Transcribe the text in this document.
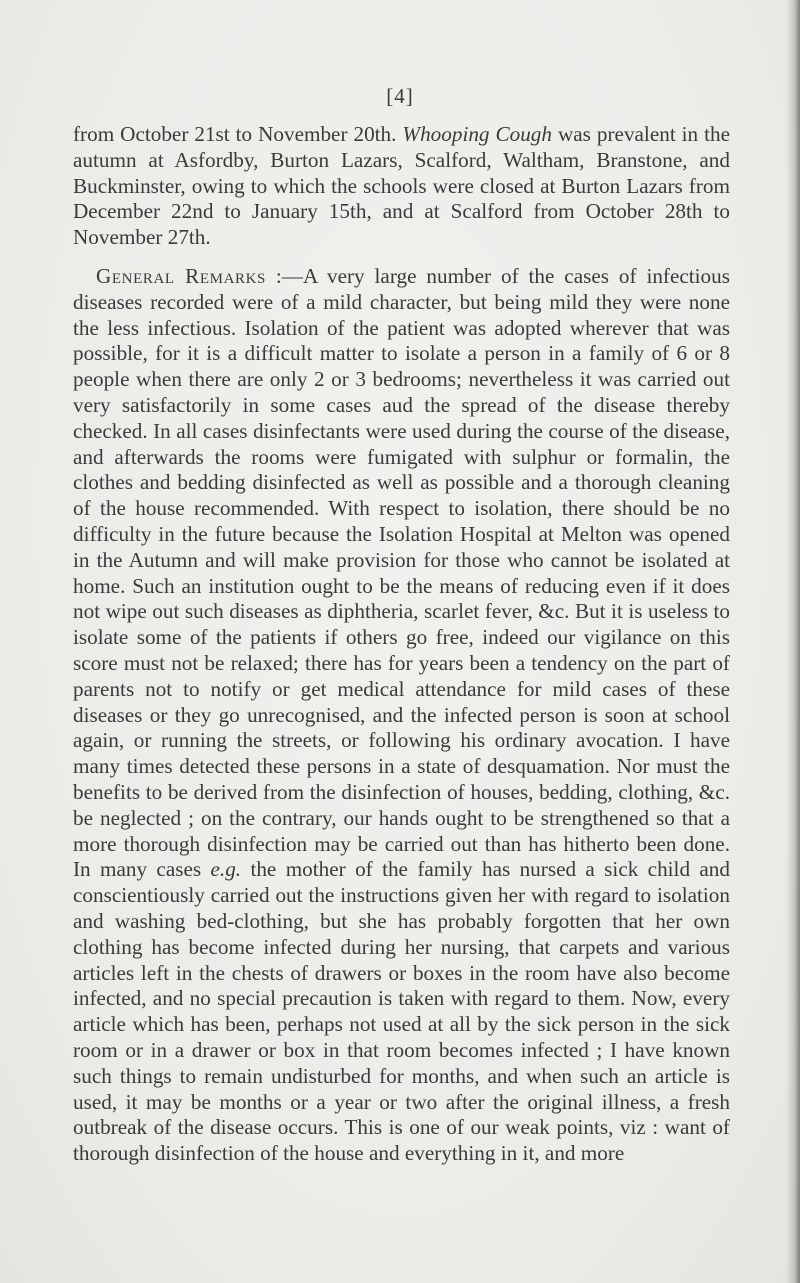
[4]

from October 21st to November 20th. Whooping Cough was prevalent in the autumn at Asfordby, Burton Lazars, Scalford, Waltham, Branstone, and Buckminster, owing to which the schools were closed at Burton Lazars from December 22nd to January 15th, and at Scalford from October 28th to November 27th.

General Remarks :—A very large number of the cases of infectious diseases recorded were of a mild character, but being mild they were none the less infectious. Isolation of the patient was adopted wherever that was possible, for it is a difficult matter to isolate a person in a family of 6 or 8 people when there are only 2 or 3 bedrooms; nevertheless it was carried out very satisfactorily in some cases aud the spread of the disease thereby checked. In all cases disinfectants were used during the course of the disease, and afterwards the rooms were fumigated with sulphur or formalin, the clothes and bedding disinfected as well as possible and a thorough cleaning of the house recommended. With respect to isolation, there should be no difficulty in the future because the Isolation Hospital at Melton was opened in the Autumn and will make provision for those who cannot be isolated at home. Such an institution ought to be the means of reducing even if it does not wipe out such diseases as diphtheria, scarlet fever, &c. But it is useless to isolate some of the patients if others go free, indeed our vigilance on this score must not be relaxed; there has for years been a tendency on the part of parents not to notify or get medical attendance for mild cases of these diseases or they go unrecognised, and the infected person is soon at school again, or running the streets, or following his ordinary avocation. I have many times detected these persons in a state of desquamation. Nor must the benefits to be derived from the disinfection of houses, bedding, clothing, &c. be neglected ; on the contrary, our hands ought to be strengthened so that a more thorough disinfection may be carried out than has hitherto been done. In many cases e.g. the mother of the family has nursed a sick child and conscientiously carried out the instructions given her with regard to isolation and washing bed-clothing, but she has probably forgotten that her own clothing has become infected during her nursing, that carpets and various articles left in the chests of drawers or boxes in the room have also become infected, and no special precaution is taken with regard to them. Now, every article which has been, perhaps not used at all by the sick person in the sick room or in a drawer or box in that room becomes infected ; I have known such things to remain undisturbed for months, and when such an article is used, it may be months or a year or two after the original illness, a fresh outbreak of the disease occurs. This is one of our weak points, viz : want of thorough disinfection of the house and everything in it, and more
